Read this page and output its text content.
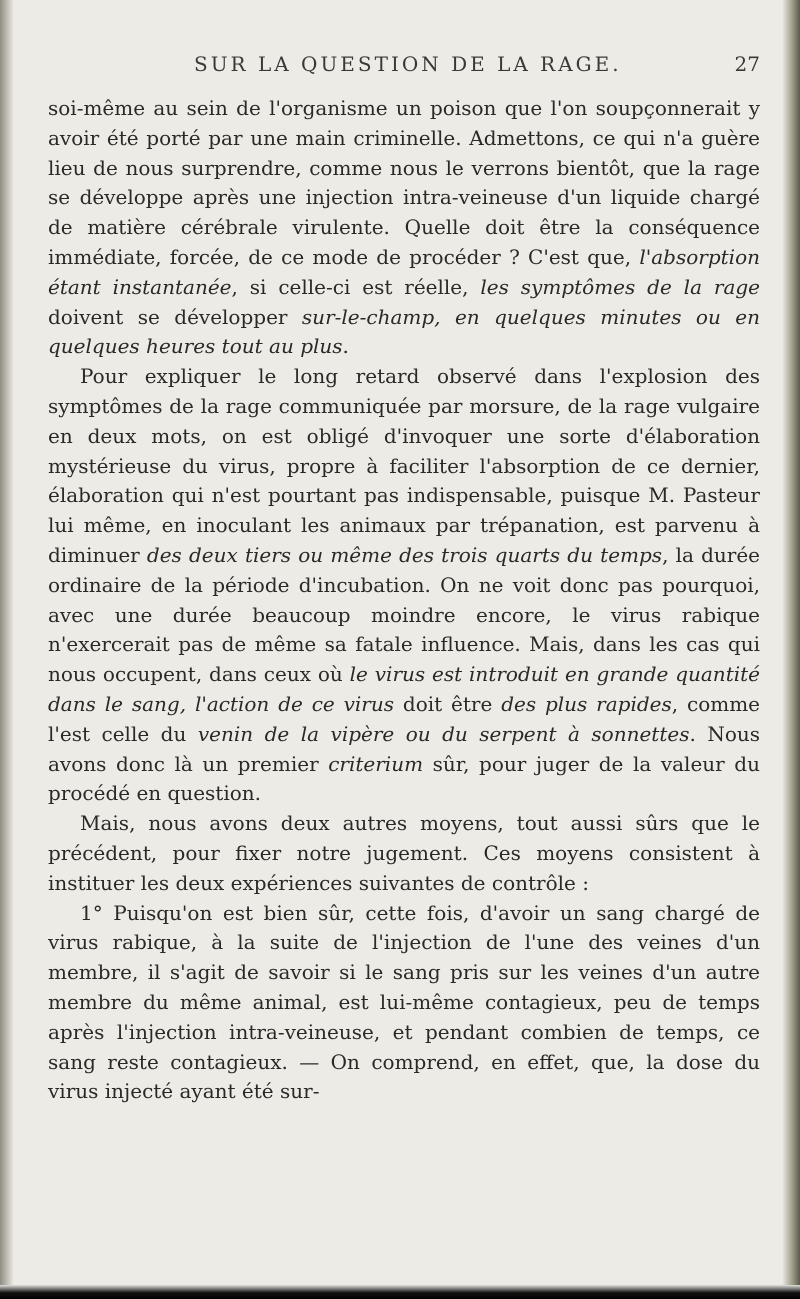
SUR LA QUESTION DE LA RAGE.	27

soi-même au sein de l'organisme un poison que l'on soupçonnerait y avoir été porté par une main criminelle. Admettons, ce qui n'a guère lieu de nous surprendre, comme nous le verrons bientôt, que la rage se développe après une injection intra-veineuse d'un liquide chargé de matière cérébrale virulente. Quelle doit être la conséquence immédiate, forcée, de ce mode de procéder ? C'est que, l'absorption étant instantanée, si celle-ci est réelle, les symptômes de la rage doivent se développer sur-le-champ, en quelques minutes ou en quelques heures tout au plus.

Pour expliquer le long retard observé dans l'explosion des symptômes de la rage communiquée par morsure, de la rage vulgaire en deux mots, on est obligé d'invoquer une sorte d'élaboration mystérieuse du virus, propre à faciliter l'absorption de ce dernier, élaboration qui n'est pourtant pas indispensable, puisque M. Pasteur lui même, en inoculant les animaux par trépanation, est parvenu à diminuer des deux tiers ou même des trois quarts du temps, la durée ordinaire de la période d'incubation. On ne voit donc pas pourquoi, avec une durée beaucoup moindre encore, le virus rabique n'exercerait pas de même sa fatale influence. Mais, dans les cas qui nous occupent, dans ceux où le virus est introduit en grande quantité dans le sang, l'action de ce virus doit être des plus rapides, comme l'est celle du venin de la vipère ou du serpent à sonnettes. Nous avons donc là un premier criterium sûr, pour juger de la valeur du procédé en question.

Mais, nous avons deux autres moyens, tout aussi sûrs que le précédent, pour fixer notre jugement. Ces moyens consistent à instituer les deux expériences suivantes de contrôle :

1° Puisqu'on est bien sûr, cette fois, d'avoir un sang chargé de virus rabique, à la suite de l'injection de l'une des veines d'un membre, il s'agit de savoir si le sang pris sur les veines d'un autre membre du même animal, est lui-même contagieux, peu de temps après l'injection intra-veineuse, et pendant combien de temps, ce sang reste contagieux. — On comprend, en effet, que, la dose du virus injecté ayant été sur-
